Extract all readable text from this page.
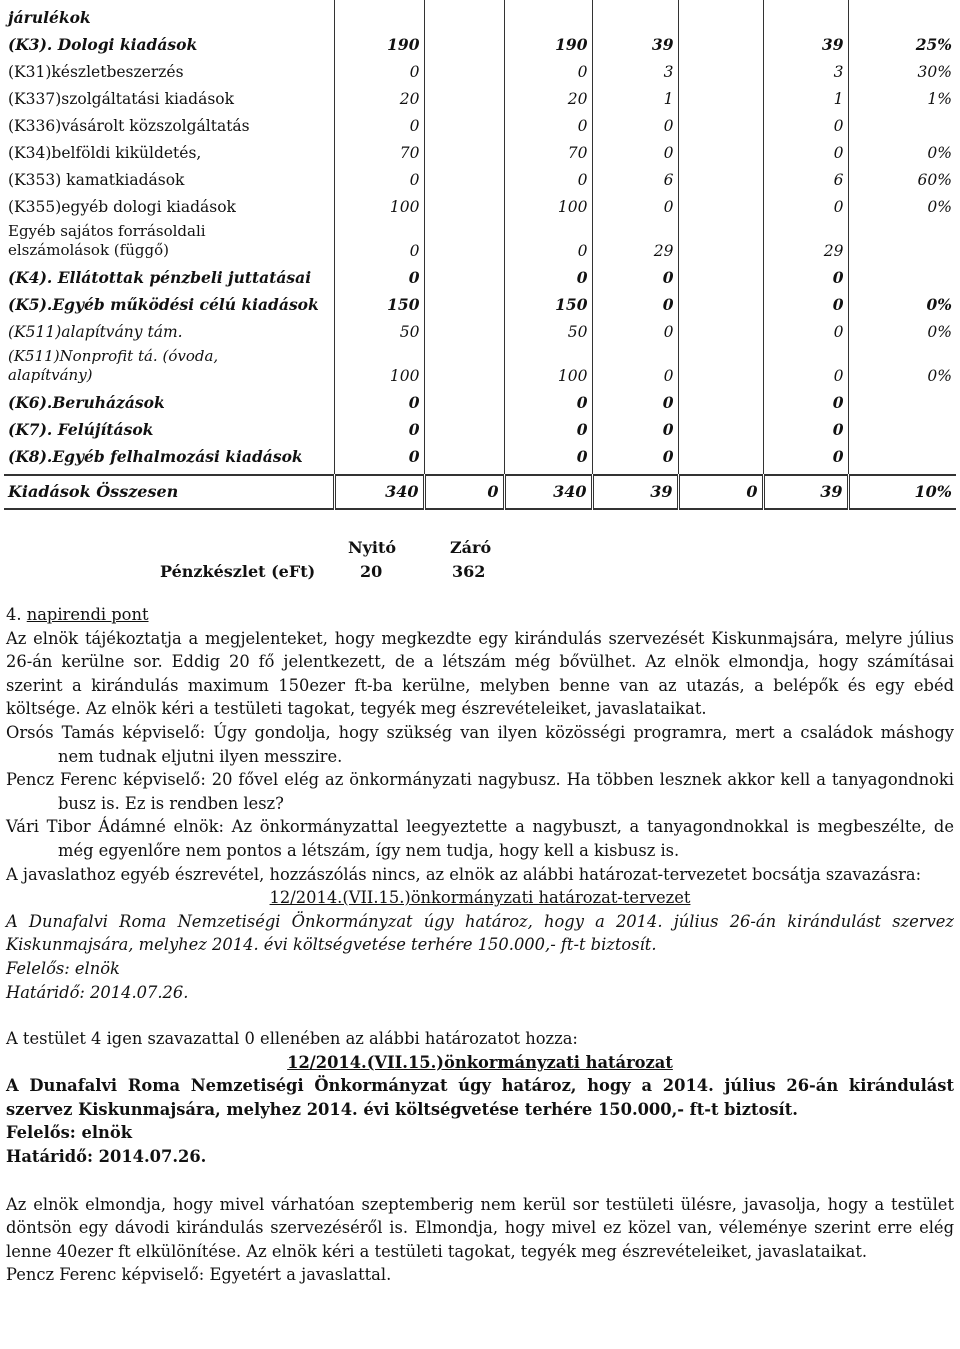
járulékok							
(K3). Dologi kiadások	190		190	39		39	25%
(K31)készletbeszerzés	0		0	3		3	30%
(K337)szolgáltatási kiadások	20		20	1		1	1%
(K336)vásárolt közszolgáltatás	0		0	0		0	
(K34)belföldi kiküldetés,	70		70	0		0	0%
(K353) kamatkiadások	0		0	6		6	60%
(K355)egyéb dologi kiadások	100		100	0		0	0%
Egyéb sajátos forrásoldali
elszámolások (függő)	0		0	29		29	
(K4). Ellátottak pénzbeli juttatásai	0		0	0		0	
(K5).Egyéb működési célú kiadások	150		150	0		0	0%
(K511)alapítvány tám.	50		50	0		0	0%
(K511)Nonprofit tá. (óvoda,
alapítvány)	100		100	0		0	0%
(K6).Beruházások	0		0	0		0	
(K7). Felújítások	0		0	0		0	
(K8).Egyéb felhalmozási kiadások	0		0	0		0	

Kiadások Összesen	340	0	340	39	0	39	10%
Nyitó	Záró
Pénzkészlet (eFt)	20	362

4. napirendi pont

Az elnök tájékoztatja a megjelenteket, hogy megkezdte egy kirándulás szervezését Kiskunmajsára, melyre július 26-án kerülne sor. Eddig 20 fő jelentkezett, de a létszám még bővülhet. Az elnök elmondja, hogy számításai szerint a kirándulás maximum 150ezer ft-ba kerülne, melyben benne van az utazás, a belépők és egy ebéd költsége. Az elnök kéri a testületi tagokat, tegyék meg észrevételeiket, javaslataikat.

Orsós Tamás képviselő: Úgy gondolja, hogy szükség van ilyen közösségi programra, mert a családok máshogy nem tudnak eljutni ilyen messzire.

Pencz Ferenc képviselő: 20 fővel elég az önkormányzati nagybusz. Ha többen lesznek akkor kell a tanyagondnoki busz is. Ez is rendben lesz?

Vári Tibor Ádámné elnök: Az önkormányzattal leegyeztette a nagybuszt, a tanyagondnokkal is megbeszélte, de még egyenlőre nem pontos a létszám, így nem tudja, hogy kell a kisbusz is.

A javaslathoz egyéb észrevétel, hozzászólás nincs, az elnök az alábbi határozat-tervezetet bocsátja szavazásra:

12/2014.(VII.15.)önkormányzati határozat-tervezet

A Dunafalvi Roma Nemzetiségi Önkormányzat úgy határoz, hogy a 2014. július 26-án kirándulást szervez Kiskunmajsára, melyhez 2014. évi költségvetése terhére 150.000,- ft-t biztosít.

Felelős: elnök

Határidő: 2014.07.26.

A testület 4 igen szavazattal 0 ellenében az alábbi határozatot hozza:

12/2014.(VII.15.)önkormányzati határozat

A Dunafalvi Roma Nemzetiségi Önkormányzat úgy határoz, hogy a 2014. július 26-án kirándulást szervez Kiskunmajsára, melyhez 2014. évi költségvetése terhére 150.000,- ft-t biztosít.

Felelős: elnök

Határidő: 2014.07.26.

Az elnök elmondja, hogy mivel várhatóan szeptemberig nem kerül sor testületi ülésre, javasolja, hogy a testület döntsön egy dávodi kirándulás szervezéséről is. Elmondja, hogy mivel ez közel van, véleménye szerint erre elég lenne 40ezer ft elkülönítése. Az elnök kéri a testületi tagokat, tegyék meg észrevételeiket, javaslataikat.

Pencz Ferenc képviselő: Egyetért a javaslattal.
